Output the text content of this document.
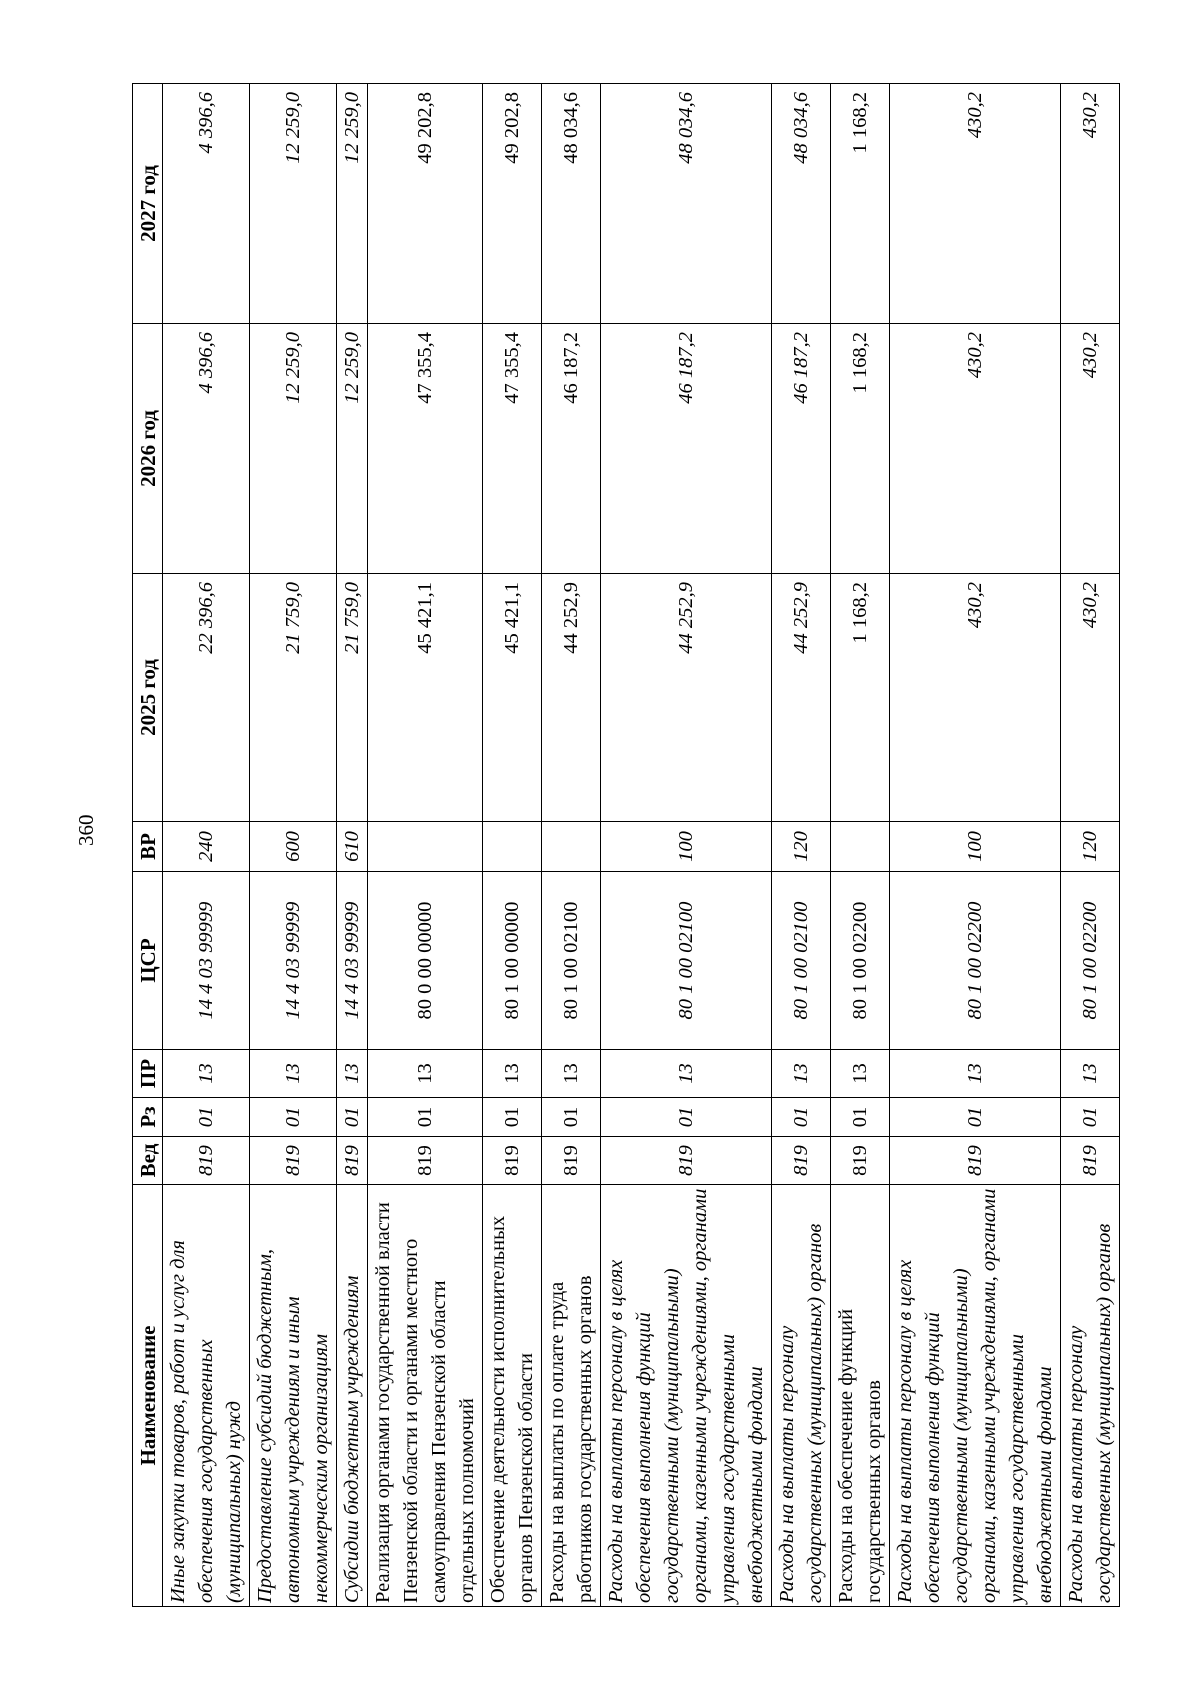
360
Наименование	Вед	Рз	ПР	ЦСР	ВР	2025 год	2026 год	2027 год
Иные закупки товаров, работ и услуг для обеспечения государственных (муниципальных) нужд	819	01	13	14 4 03 99999	240	22 396,6	4 396,6	4 396,6
Предоставление субсидий бюджетным, автономным учреждениям и иным некоммерческим организациям	819	01	13	14 4 03 99999	600	21 759,0	12 259,0	12 259,0
Субсидии бюджетным учреждениям	819	01	13	14 4 03 99999	610	21 759,0	12 259,0	12 259,0
Реализация органами государственной власти Пензенской области и органами местного самоуправления Пензенской области отдельных полномочий	819	01	13	80 0 00 00000		45 421,1	47 355,4	49 202,8
Обеспечение деятельности исполнительных органов Пензенской области	819	01	13	80 1 00 00000		45 421,1	47 355,4	49 202,8
Расходы на выплаты по оплате труда работников государственных органов	819	01	13	80 1 00 02100		44 252,9	46 187,2	48 034,6
Расходы на выплаты персоналу в целях обеспечения выполнения функций государственными (муниципальными) органами, казенными учреждениями, органами управления государственными внебюджетными фондами	819	01	13	80 1 00 02100	100	44 252,9	46 187,2	48 034,6
Расходы на выплаты персоналу государственных (муниципальных) органов	819	01	13	80 1 00 02100	120	44 252,9	46 187,2	48 034,6
Расходы на обеспечение функций государственных органов	819	01	13	80 1 00 02200		1 168,2	1 168,2	1 168,2
Расходы на выплаты персоналу в целях обеспечения выполнения функций государственными (муниципальными) органами, казенными учреждениями, органами управления государственными внебюджетными фондами	819	01	13	80 1 00 02200	100	430,2	430,2	430,2
Расходы на выплаты персоналу государственных (муниципальных) органов	819	01	13	80 1 00 02200	120	430,2	430,2	430,2
